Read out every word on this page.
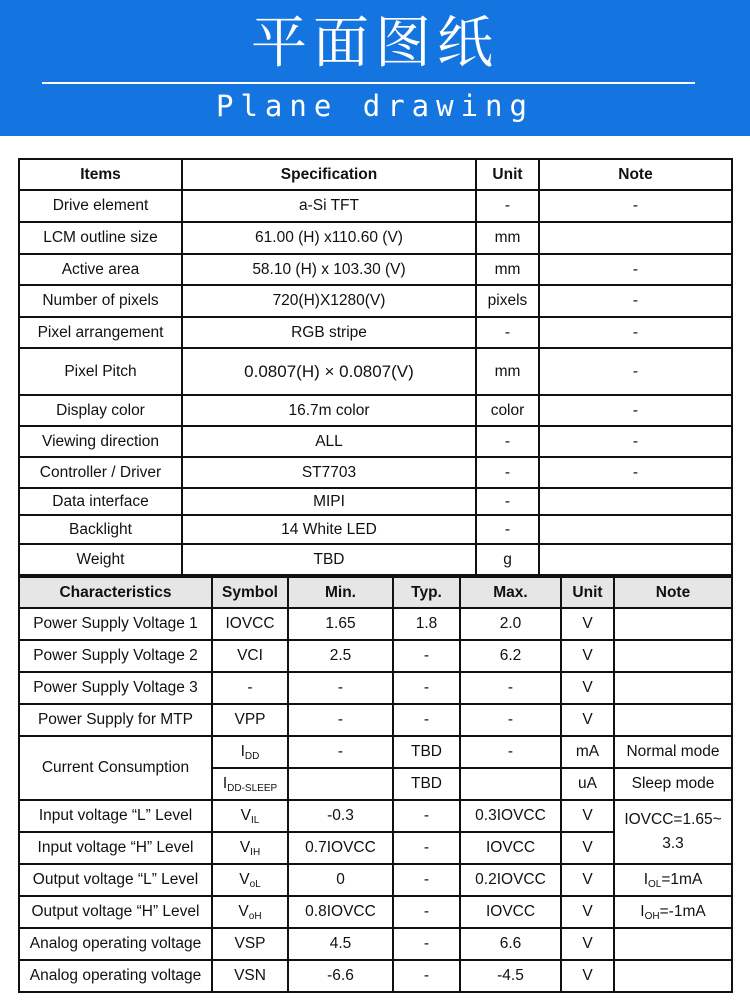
平面图纸
Plane drawing
Items	Specification	Unit	Note
Drive element	a-Si TFT	-	-
LCM outline size	61.00 (H) x110.60 (V)	mm	
Active area	58.10 (H) x 103.30 (V)	mm	-
Number of pixels	720(H)X1280(V)	pixels	-
Pixel arrangement	RGB stripe	-	-
Pixel Pitch	0.0807(H) × 0.0807(V)	mm	-
Display color	16.7m color	color	-
Viewing direction	ALL	-	-
Controller / Driver	ST7703	-	-
Data interface	MIPI	-	
Backlight	14 White LED	-	
Weight	TBD	g	
Characteristics	Symbol	Min.	Typ.	Max.	Unit	Note
Power Supply Voltage 1	IOVCC	1.65	1.8	2.0	V	
Power Supply Voltage 2	VCI	2.5	-	6.2	V	
Power Supply Voltage 3	-	-	-	-	V	
Power Supply for MTP	VPP	-	-	-	V	
Current Consumption	$I_{DD}$	-	TBD	-	mA	Normal mode
	$I_{DD-SLEEP}$		TBD		uA	Sleep mode
Input voltage “L” Level	$V_{IL}$	-0.3	-	0.3IOVCC	V	IOVCC=1.65~
3.3

Input voltage “H” Level	$V_{IH}$	0.7IOVCC	-	IOVCC	V	
Output voltage “L” Level	$V_{oL}$	0	-	0.2IOVCC	V	$I_{OL}=1mA$
Output voltage “H” Level	$V_{oH}$	0.8IOVCC	-	IOVCC	V	$I_{OH}=-1mA$
Analog operating voltage	VSP	4.5	-	6.6	V	
Analog operating voltage	VSN	-6.6	-	-4.5	V	
